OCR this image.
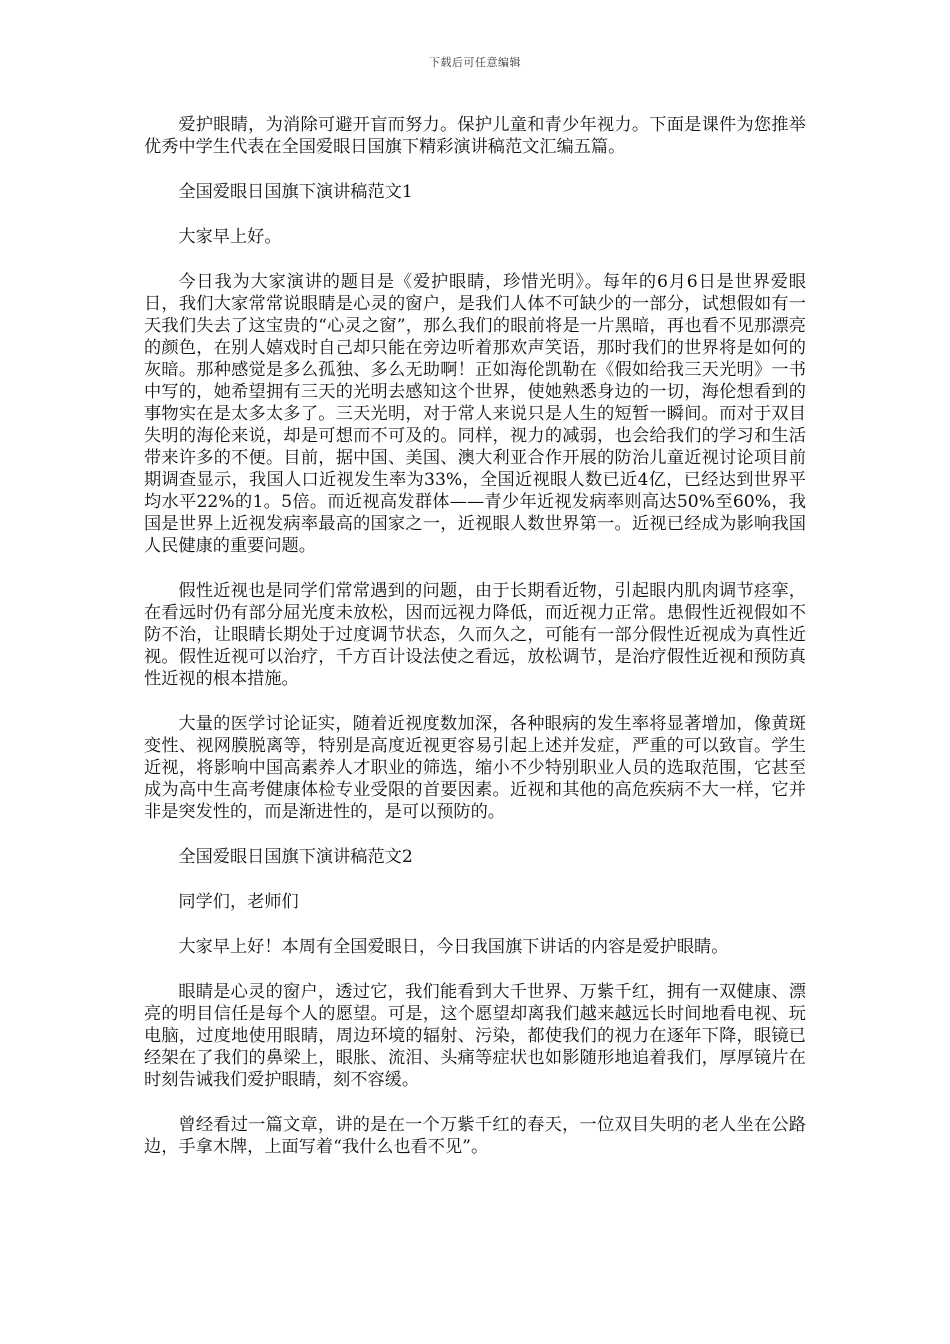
下载后可任意编辑

爱护眼睛，为消除可避开盲而努力。保护儿童和青少年视力。下面是课件为您推举优秀中学生代表在全国爱眼日国旗下精彩演讲稿范文汇编五篇。

全国爱眼日国旗下演讲稿范文1

大家早上好。

今日我为大家演讲的题目是《爱护眼睛，珍惜光明》。每年的6月6日是世界爱眼日，我们大家常常说眼睛是心灵的窗户，是我们人体不可缺少的一部分，试想假如有一天我们失去了这宝贵的“心灵之窗”，那么我们的眼前将是一片黑暗，再也看不见那漂亮的颜色，在别人嬉戏时自己却只能在旁边听着那欢声笑语，那时我们的世界将是如何的灰暗。那种感觉是多么孤独、多么无助啊！正如海伦凯勒在《假如给我三天光明》一书中写的，她希望拥有三天的光明去感知这个世界，使她熟悉身边的一切，海伦想看到的事物实在是太多太多了。三天光明，对于常人来说只是人生的短暂一瞬间。而对于双目失明的海伦来说，却是可想而不可及的。同样，视力的减弱，也会给我们的学习和生活带来许多的不便。目前，据中国、美国、澳大利亚合作开展的防治儿童近视讨论项目前期调查显示，我国人口近视发生率为33%，全国近视眼人数已近4亿，已经达到世界平均水平22%的1。5倍。而近视高发群体——青少年近视发病率则高达50%至60%，我国是世界上近视发病率最高的国家之一，近视眼人数世界第一。近视已经成为影响我国人民健康的重要问题。

假性近视也是同学们常常遇到的问题，由于长期看近物，引起眼内肌肉调节痉挛，在看远时仍有部分屈光度未放松，因而远视力降低，而近视力正常。患假性近视假如不防不治，让眼睛长期处于过度调节状态，久而久之，可能有一部分假性近视成为真性近视。假性近视可以治疗，千方百计设法使之看远，放松调节，是治疗假性近视和预防真性近视的根本措施。

大量的医学讨论证实，随着近视度数加深，各种眼病的发生率将显著增加，像黄斑变性、视网膜脱离等，特别是高度近视更容易引起上述并发症，严重的可以致盲。学生近视，将影响中国高素养人才职业的筛选，缩小不少特别职业人员的选取范围，它甚至成为高中生高考健康体检专业受限的首要因素。近视和其他的高危疾病不大一样，它并非是突发性的，而是渐进性的，是可以预防的。

全国爱眼日国旗下演讲稿范文2

同学们，老师们

大家早上好！本周有全国爱眼日，今日我国旗下讲话的内容是爱护眼睛。

眼睛是心灵的窗户，透过它，我们能看到大千世界、万紫千红，拥有一双健康、漂亮的明目信任是每个人的愿望。可是，这个愿望却离我们越来越远长时间地看电视、玩电脑，过度地使用眼睛，周边环境的辐射、污染，都使我们的视力在逐年下降，眼镜已经架在了我们的鼻梁上，眼胀、流泪、头痛等症状也如影随形地追着我们，厚厚镜片在时刻告诫我们爱护眼睛，刻不容缓。

曾经看过一篇文章，讲的是在一个万紫千红的春天，一位双目失明的老人坐在公路边，手拿木牌，上面写着“我什么也看不见”。
